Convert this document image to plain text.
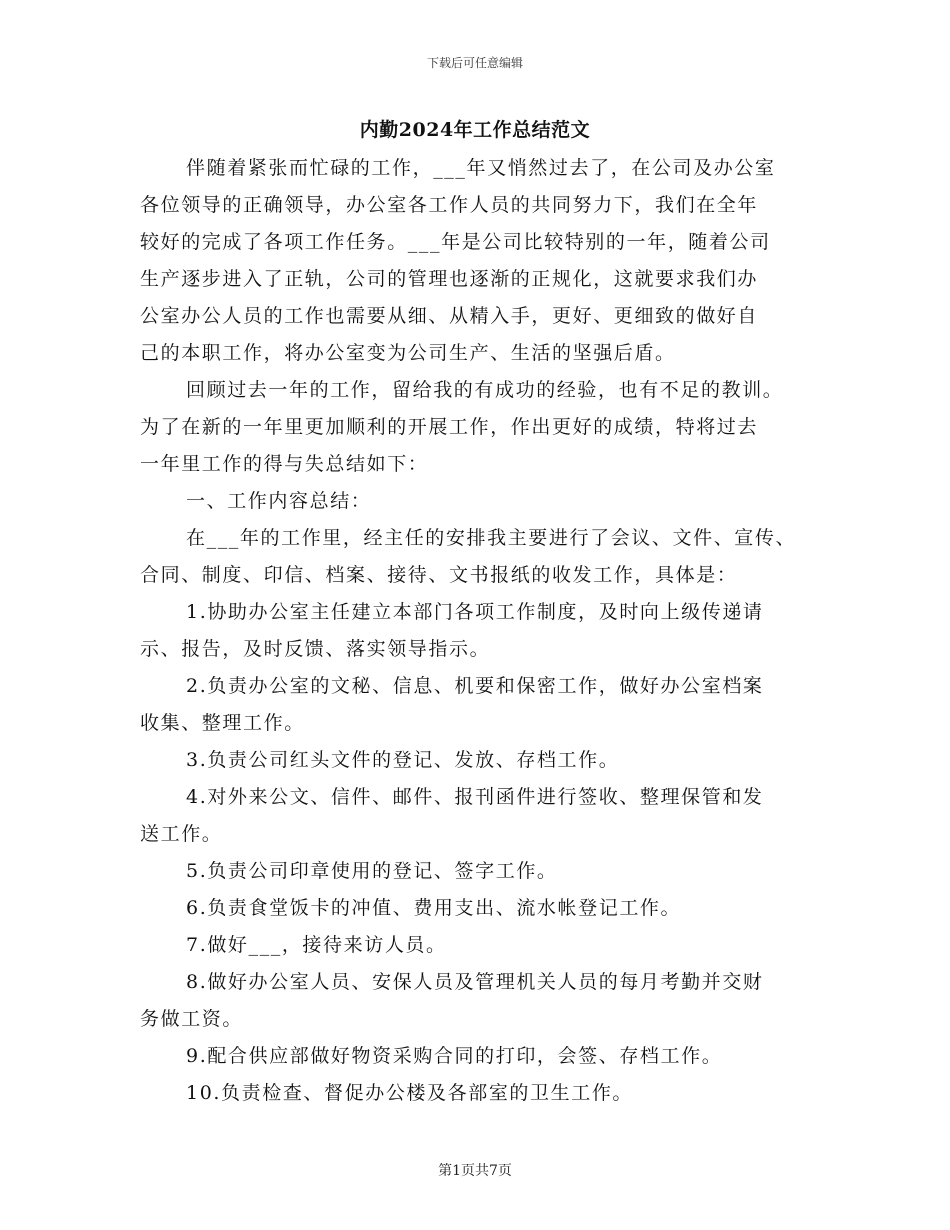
下载后可任意编辑
内勤2024年工作总结范文
伴随着紧张而忙碌的工作，___年又悄然过去了，在公司及办公室
各位领导的正确领导，办公室各工作人员的共同努力下，我们在全年
较好的完成了各项工作任务。___年是公司比较特别的一年，随着公司
生产逐步进入了正轨，公司的管理也逐渐的正规化，这就要求我们办
公室办公人员的工作也需要从细、从精入手，更好、更细致的做好自
己的本职工作，将办公室变为公司生产、生活的坚强后盾。
回顾过去一年的工作，留给我的有成功的经验，也有不足的教训。
为了在新的一年里更加顺利的开展工作，作出更好的成绩，特将过去
一年里工作的得与失总结如下：
一、工作内容总结：
在___年的工作里，经主任的安排我主要进行了会议、文件、宣传、
合同、制度、印信、档案、接待、文书报纸的收发工作，具体是：
1.协助办公室主任建立本部门各项工作制度，及时向上级传递请
示、报告，及时反馈、落实领导指示。
2.负责办公室的文秘、信息、机要和保密工作，做好办公室档案
收集、整理工作。
3.负责公司红头文件的登记、发放、存档工作。
4.对外来公文、信件、邮件、报刊函件进行签收、整理保管和发
送工作。
5.负责公司印章使用的登记、签字工作。
6.负责食堂饭卡的冲值、费用支出、流水帐登记工作。
7.做好___，接待来访人员。
8.做好办公室人员、安保人员及管理机关人员的每月考勤并交财
务做工资。
9.配合供应部做好物资采购合同的打印，会签、存档工作。
10.负责检查、督促办公楼及各部室的卫生工作。
第1页共7页
